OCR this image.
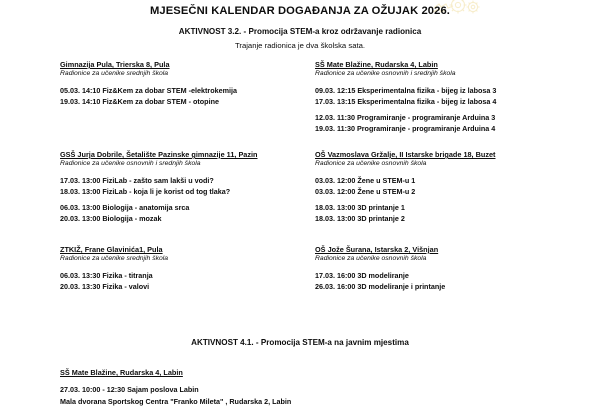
MJESEČNI KALENDAR DOGAĐANJA ZA OŽUJAK 2026.
AKTIVNOST 3.2. - Promocija STEM-a kroz održavanje radionica
Trajanje radionica je dva školska sata.
Gimnazija Pula, Trierska 8, Pula
Radionice za učenike srednjih škola
05.03. 14:10 Fiz&Kem za dobar STEM -elektrokemija
19.03. 14:10 Fiz&Kem za dobar STEM - otopine
GSŠ Jurja Dobrile, Šetalište Pazinske gimnazije 11, Pazin
Radionice za učenike osnovnih i srednjih škola
17.03. 13:00 FiziLab - zašto sam lakši u vodi?
18.03. 13:00 FiziLab - koja li je korist od tog tlaka?
06.03. 13:00 Biologija - anatomija srca
20.03. 13:00 Biologija - mozak
ZTKIŽ, Frane Glavinića1, Pula
Radionice za učenike srednjih škola
06.03. 13:30 Fizika - titranja
20.03. 13:30 Fizika - valovi
SŠ Mate Blažine, Rudarska 4, Labin
Radionice za učenike osnovnih i srednjih škola
09.03. 12:15 Eksperimentalna fizika - bijeg iz labosa 3
17.03. 13:15 Eksperimentalna fizika - bijeg iz labosa 4
12.03. 11:30 Programiranje - programiranje Arduina 3
19.03. 11:30 Programiranje - programiranje Arduina 4
OŠ Vazmoslava Gržalje, II Istarske brigade 18, Buzet
Radionice za učenike osnovnih škola
03.03. 12:00 Žene u STEM-u 1
03.03. 12:00 Žene u STEM-u 2
18.03. 13:00 3D printanje 1
18.03. 13:00 3D printanje 2
OŠ Jože Šurana, Istarska 2, Višnjan
Radionice za učenike osnovnih škola
17.03. 16:00 3D modeliranje
26.03. 16:00 3D modeliranje i printanje
AKTIVNOST 4.1. - Promocija STEM-a na javnim mjestima
SŠ Mate Blažine, Rudarska 4, Labin
27.03. 10:00 - 12:30 Sajam poslova Labin
Mala dvorana Sportskog Centra "Franko Mileta" , Rudarska 2, Labin
